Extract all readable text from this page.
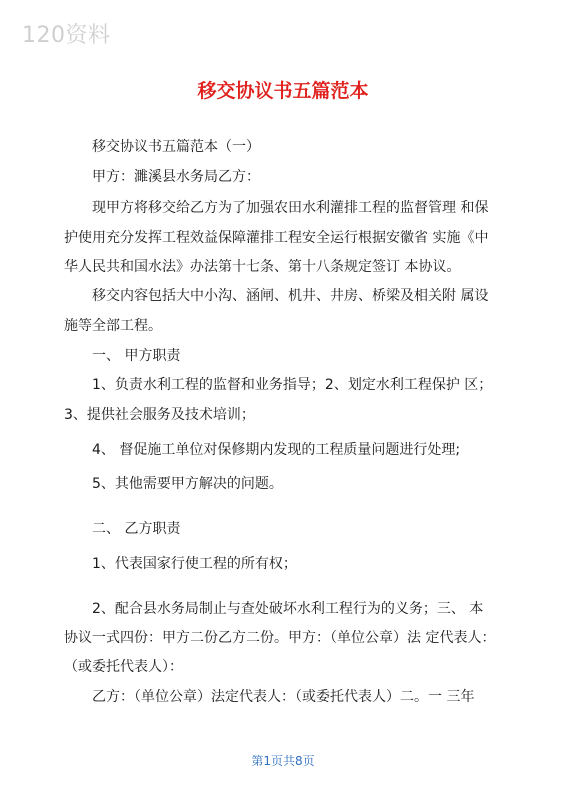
120资料
移交协议书五篇范本
移交协议书五篇范本（一）
甲方：濉溪县水务局乙方：
现甲方将移交给乙方为了加强农田水利灌排工程的监督管理 和保
护使用充分发挥工程效益保障灌排工程安全运行根据安徽省 实施《中
华人民共和国水法》办法第十七条、第十八条规定签订 本协议。
移交内容包括大中小沟、涵闸、机井、井房、桥梁及相关附 属设
施等全部工程。
一、 甲方职责
1、负责水利工程的监督和业务指导；2、划定水利工程保护 区；
3、提供社会服务及技术培训；
4、 督促施工单位对保修期内发现的工程质量问题进行处理;
5、其他需要甲方解决的问题。
二、 乙方职责
1、代表国家行使工程的所有权；
2、配合县水务局制止与查处破坏水利工程行为的义务；三、 本
协议一式四份：甲方二份乙方二份。甲方：（单位公章）法 定代表人：
（或委托代表人）：
乙方：（单位公章）法定代表人：（或委托代表人）二。一 三年
第1页共8页
